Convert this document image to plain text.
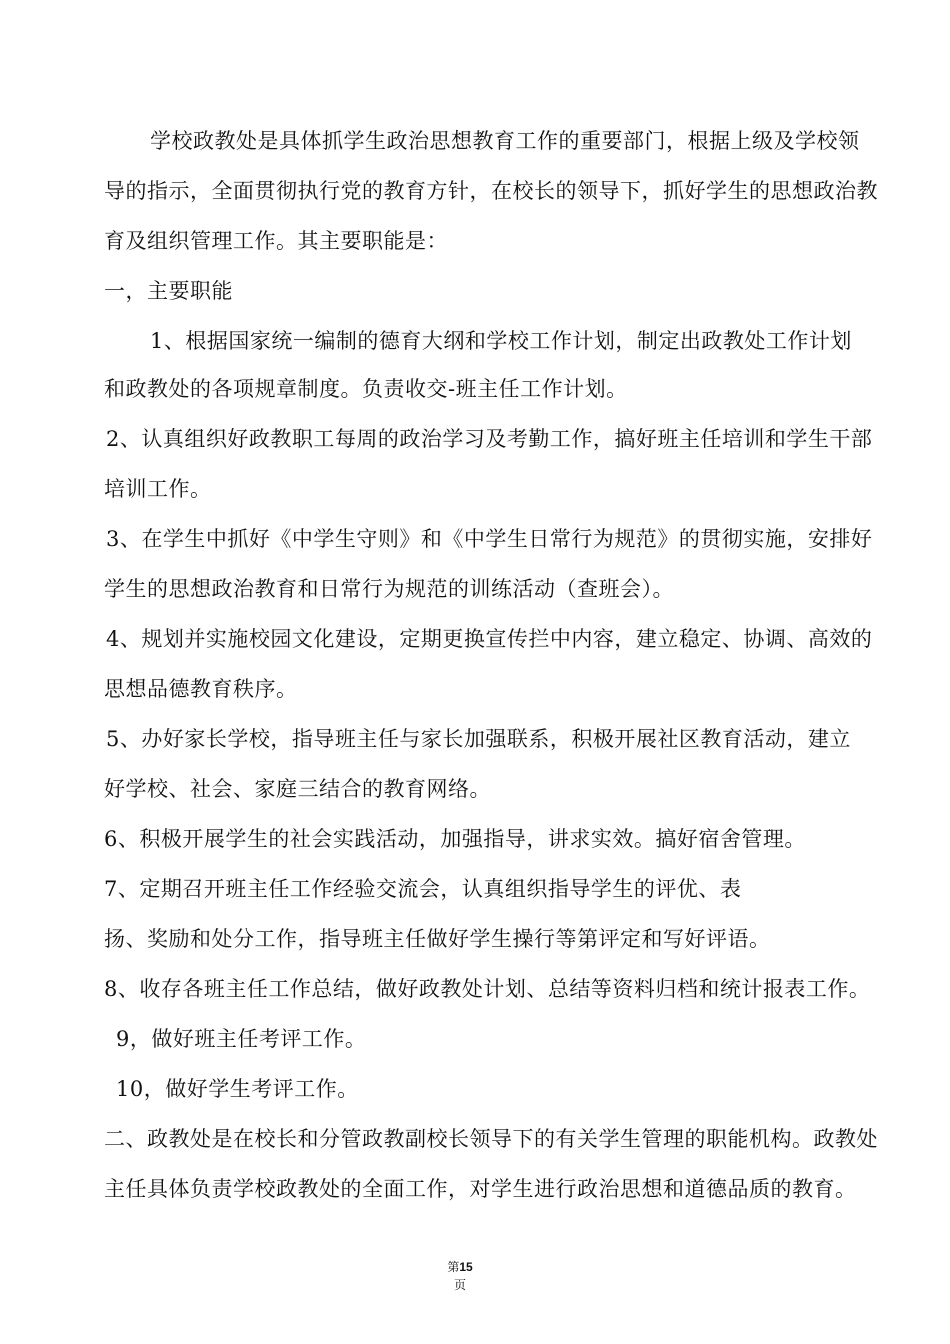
学校政教处是具体抓学生政治思想教育工作的重要部门，根据上级及学校领
导的指示，全面贯彻执行党的教育方针，在校长的领导下，抓好学生的思想政治教
育及组织管理工作。其主要职能是：
一，主要职能
1、根据国家统一编制的德育大纲和学校工作计划，制定出政教处工作计划
和政教处的各项规章制度。负责收交-班主任工作计划。
2、认真组织好政教职工每周的政治学习及考勤工作，搞好班主任培训和学生干部
培训工作。
3、在学生中抓好《中学生守则》和《中学生日常行为规范》的贯彻实施，安排好
学生的思想政治教育和日常行为规范的训练活动（查班会）。
4、规划并实施校园文化建设，定期更换宣传拦中内容，建立稳定、协调、高效的
思想品德教育秩序。
5、办好家长学校，指导班主任与家长加强联系，积极开展社区教育活动，建立
好学校、社会、家庭三结合的教育网络。
6、积极开展学生的社会实践活动，加强指导，讲求实效。搞好宿舍管理。
7、定期召开班主任工作经验交流会，认真组织指导学生的评优、表
扬、奖励和处分工作，指导班主任做好学生操行等第评定和写好评语。
8、收存各班主任工作总结，做好政教处计划、总结等资料归档和统计报表工作。
9，做好班主任考评工作。
10，做好学生考评工作。
二、政教处是在校长和分管政教副校长领导下的有关学生管理的职能机构。政教处
主任具体负责学校政教处的全面工作，对学生进行政治思想和道德品质的教育。
第15
页
